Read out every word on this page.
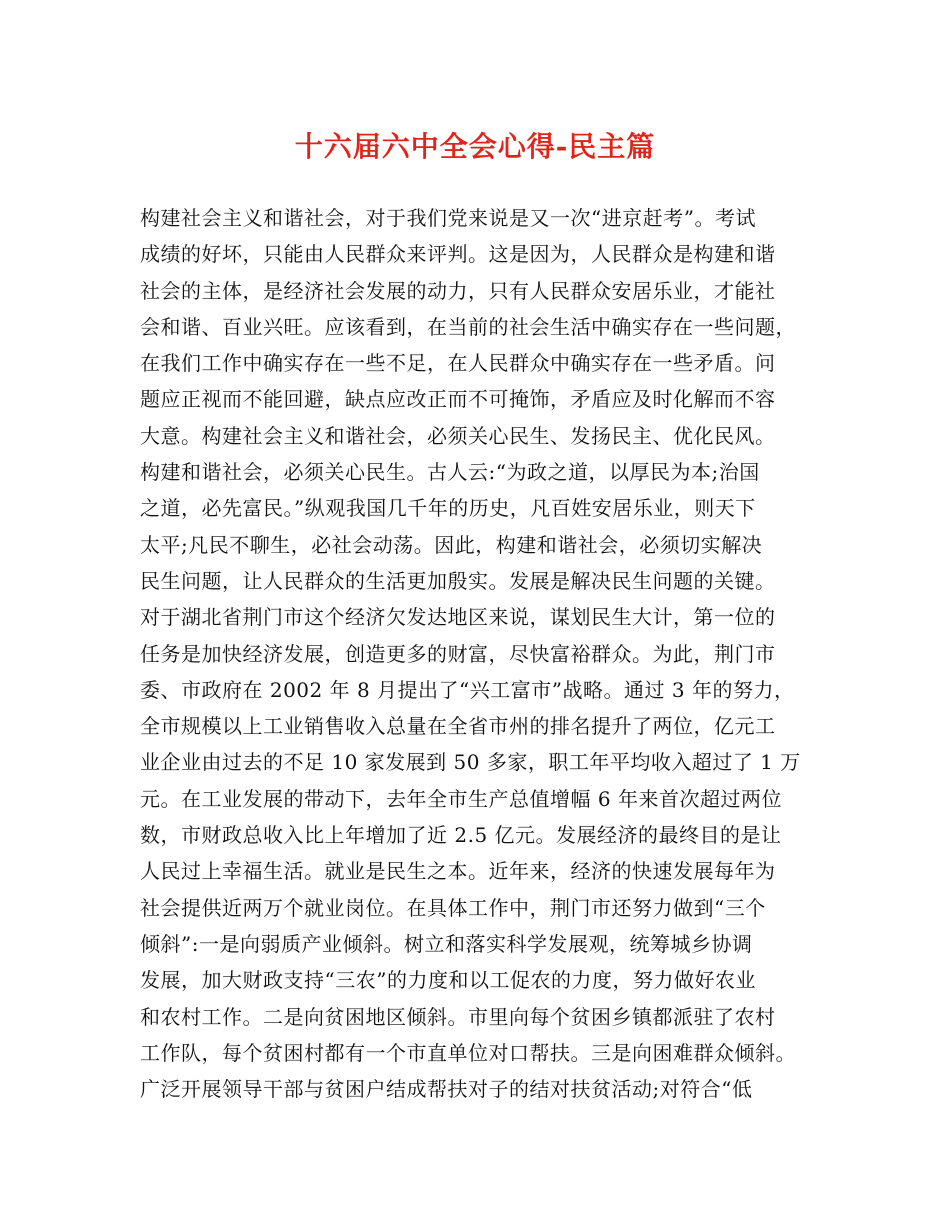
十六届六中全会心得-民主篇
构建社会主义和谐社会，对于我们党来说是又一次“进京赶考”。考试
成绩的好坏，只能由人民群众来评判。这是因为，人民群众是构建和谐
社会的主体，是经济社会发展的动力，只有人民群众安居乐业，才能社
会和谐、百业兴旺。应该看到，在当前的社会生活中确实存在一些问题，
在我们工作中确实存在一些不足，在人民群众中确实存在一些矛盾。问
题应正视而不能回避，缺点应改正而不可掩饰，矛盾应及时化解而不容
大意。构建社会主义和谐社会，必须关心民生、发扬民主、优化民风。
构建和谐社会，必须关心民生。古人云:“为政之道，以厚民为本;治国
之道，必先富民。”纵观我国几千年的历史，凡百姓安居乐业，则天下
太平;凡民不聊生，必社会动荡。因此，构建和谐社会，必须切实解决
民生问题，让人民群众的生活更加殷实。发展是解决民生问题的关键。
对于湖北省荆门市这个经济欠发达地区来说，谋划民生大计，第一位的
任务是加快经济发展，创造更多的财富，尽快富裕群众。为此，荆门市
委、市政府在 2002 年 8 月提出了“兴工富市”战略。通过 3 年的努力，
全市规模以上工业销售收入总量在全省市州的排名提升了两位，亿元工
业企业由过去的不足 10 家发展到 50 多家，职工年平均收入超过了 1 万
元。在工业发展的带动下，去年全市生产总值增幅 6 年来首次超过两位
数，市财政总收入比上年增加了近 2.5 亿元。发展经济的最终目的是让
人民过上幸福生活。就业是民生之本。近年来，经济的快速发展每年为
社会提供近两万个就业岗位。在具体工作中，荆门市还努力做到“三个
倾斜”:一是向弱质产业倾斜。树立和落实科学发展观，统筹城乡协调
发展，加大财政支持“三农”的力度和以工促农的力度，努力做好农业
和农村工作。二是向贫困地区倾斜。市里向每个贫困乡镇都派驻了农村
工作队，每个贫困村都有一个市直单位对口帮扶。三是向困难群众倾斜。
广泛开展领导干部与贫困户结成帮扶对子的结对扶贫活动;对符合“低
